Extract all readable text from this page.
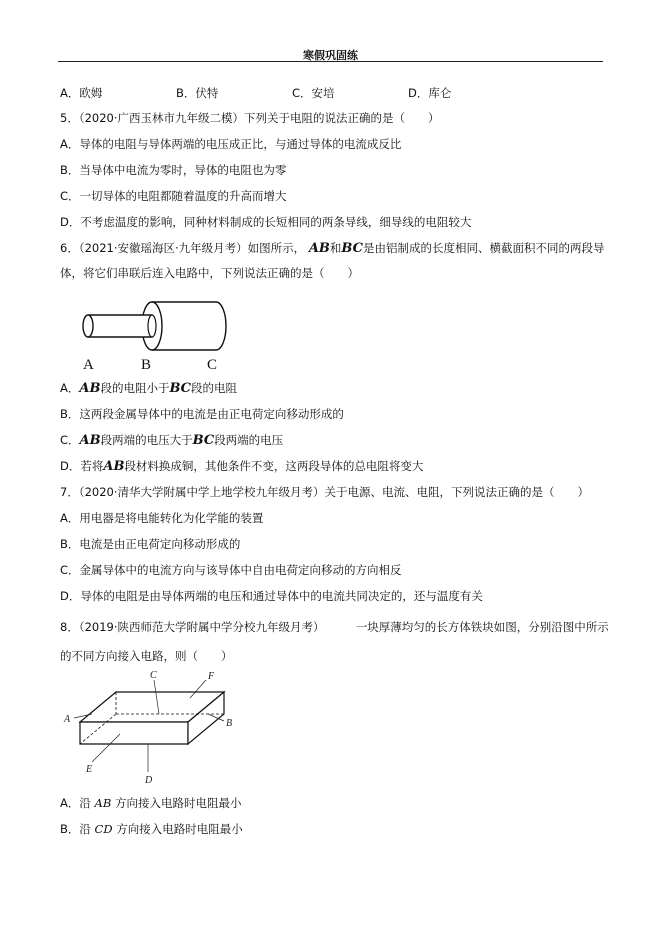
寒假巩固练
A．欧姆	B．伏特	C．安培	D．库仑
5．（2020·广西玉林市九年级二模）下列关于电阻的说法正确的是（　　）
A．导体的电阻与导体两端的电压成正比，与通过导体的电流成反比
B．当导体中电流为零时，导体的电阻也为零
C．一切导体的电阻都随着温度的升高而增大
D．不考虑温度的影响，同种材料制成的长短相同的两条导线，细导线的电阻较大
6．（2021·安徽瑶海区·九年级月考）如图所示， AB和BC是由铝制成的长度相同、横截面积不同的两段导
体，将它们串联后连入电路中，下列说法正确的是（　　）
A	B	C
A．AB段的电阻小于BC段的电阻
B．这两段金属导体中的电流是由正电荷定向移动形成的
C．AB段两端的电压大于BC段两端的电压
D．若将AB段材料换成铜，其他条件不变，这两段导体的总电阻将变大
7．（2020·清华大学附属中学上地学校九年级月考）关于电源、电流、电阻，下列说法正确的是（　　）
A．用电器是将电能转化为化学能的装置
B．电流是由正电荷定向移动形成的
C．金属导体中的电流方向与该导体中自由电荷定向移动的方向相反
D．导体的电阻是由导体两端的电压和通过导体中的电流共同决定的，还与温度有关
8．（2019·陕西师范大学附属中学分校九年级月考）	一块厚薄均匀的长方体铁块如图，分别沿图中所示
的不同方向接入电路，则（　　）
A	B
C
D
E
F
A．沿 AB 方向接入电路时电阻最小
B．沿 CD 方向接入电路时电阻最小
